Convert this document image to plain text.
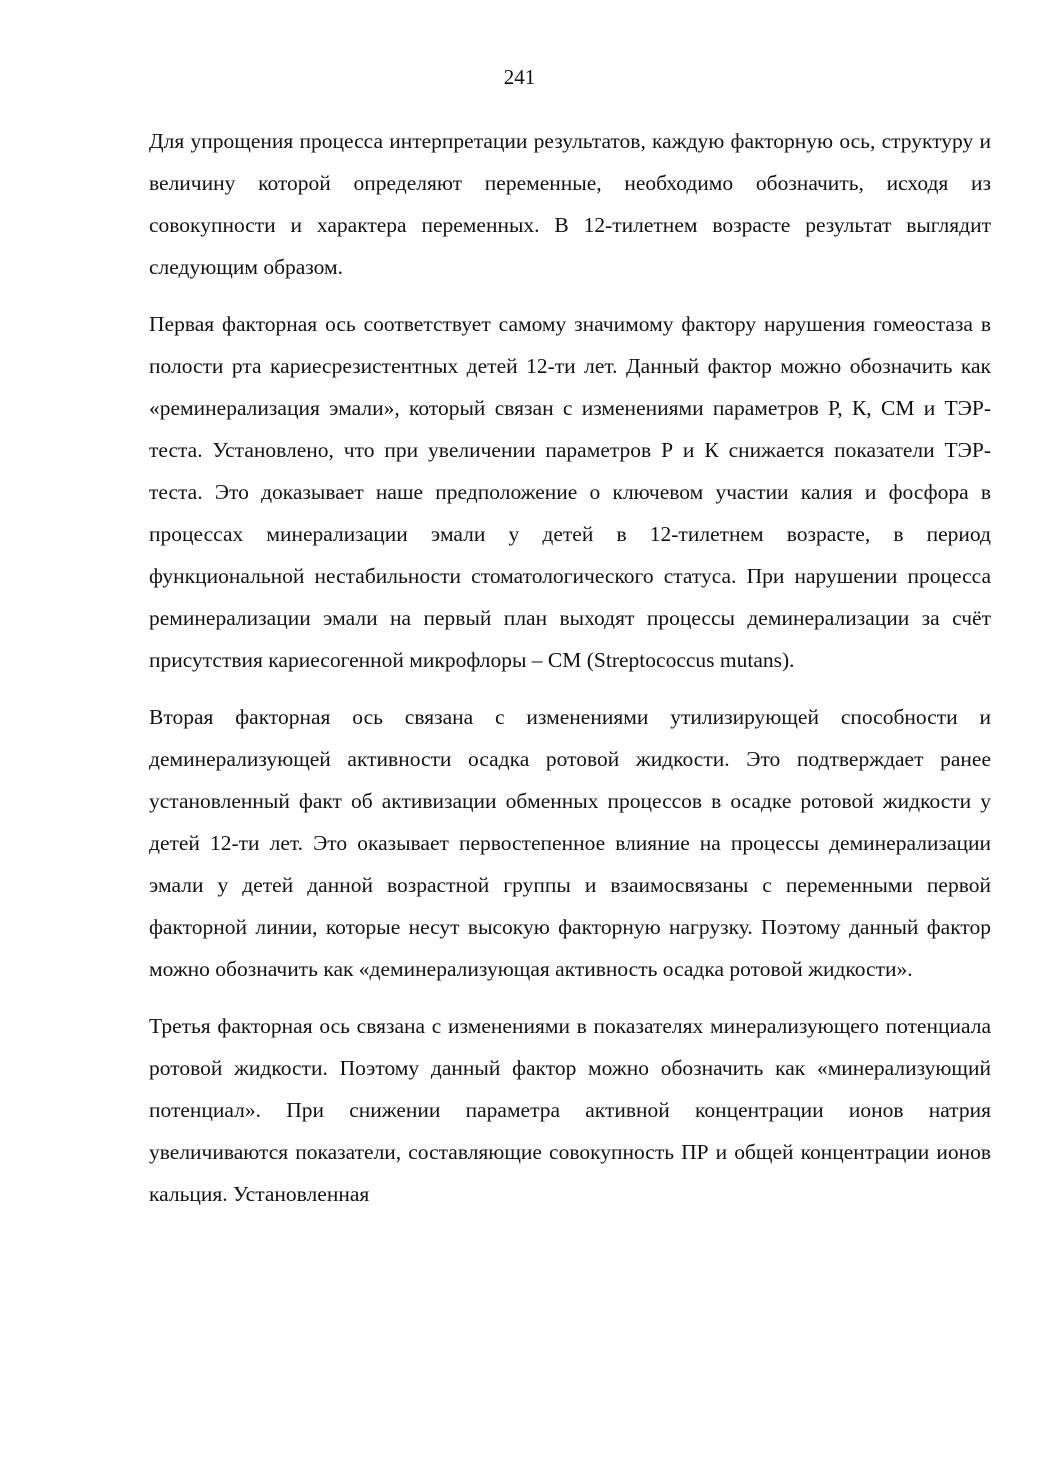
241

Для упрощения процесса интерпретации результатов, каждую факторную ось, структуру и величину которой определяют переменные, необходимо обозначить, исходя из совокупности и характера переменных. В 12-тилетнем возрасте результат выглядит следующим образом.

Первая факторная ось соответствует самому значимому фактору нарушения гомеостаза в полости рта кариесрезистентных детей 12-ти лет. Данный фактор можно обозначить как «реминерализация эмали», который связан с изменениями параметров Р, К, СМ и ТЭР-теста. Установлено, что при увеличении параметров Р и К снижается показатели ТЭР-теста. Это доказывает наше предположение о ключевом участии калия и фосфора в процессах минерализации эмали у детей в 12-тилетнем возрасте, в период функциональной нестабильности стоматологического статуса. При нарушении процесса реминерализации эмали на первый план выходят процессы деминерализации за счёт присутствия кариесогенной микрофлоры – СМ (Streptococcus mutans).

Вторая факторная ось связана с изменениями утилизирующей способности и деминерализующей активности осадка ротовой жидкости. Это подтверждает ранее установленный факт об активизации обменных процессов в осадке ротовой жидкости у детей 12-ти лет. Это оказывает первостепенное влияние на процессы деминерализации эмали у детей данной возрастной группы и взаимосвязаны с переменными первой факторной линии, которые несут высокую факторную нагрузку. Поэтому данный фактор можно обозначить как «деминерализующая активность осадка ротовой жидкости».

Третья факторная ось связана с изменениями в показателях минерализующего потенциала ротовой жидкости. Поэтому данный фактор можно обозначить как «минерализующий потенциал». При снижении параметра активной концентрации ионов натрия увеличиваются показатели, составляющие совокупность ПР и общей концентрации ионов кальция. Установленная
